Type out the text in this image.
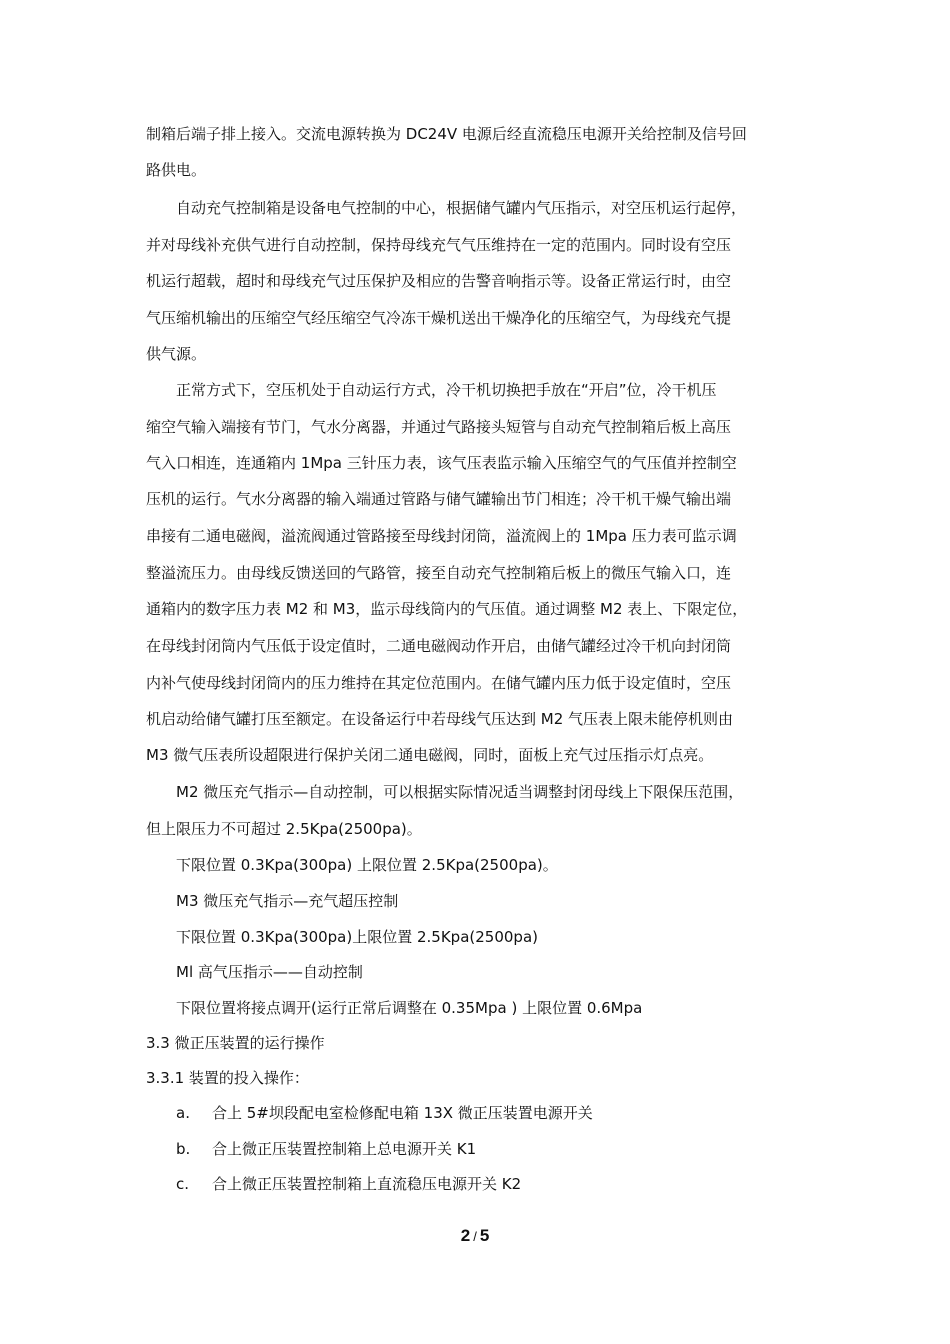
制箱后端子排上接入。交流电源转换为 DC24V 电源后经直流稳压电源开关给控制及信号回
路供电。
自动充气控制箱是设备电气控制的中心，根据储气罐内气压指示，对空压机运行起停，
并对母线补充供气进行自动控制，保持母线充气气压维持在一定的范围内。同时设有空压
机运行超载，超时和母线充气过压保护及相应的告警音响指示等。设备正常运行时，由空
气压缩机输出的压缩空气经压缩空气冷冻干燥机送出干燥净化的压缩空气，为母线充气提
供气源。
正常方式下，空压机处于自动运行方式，冷干机切换把手放在“开启”位，冷干机压
缩空气输入端接有节门，气水分离器，并通过气路接头短管与自动充气控制箱后板上高压
气入口相连，连通箱内 1Mpa 三针压力表，该气压表监示输入压缩空气的气压值并控制空
压机的运行。气水分离器的输入端通过管路与储气罐输出节门相连；冷干机干燥气输出端
串接有二通电磁阀，溢流阀通过管路接至母线封闭筒，溢流阀上的 1Mpa 压力表可监示调
整溢流压力。由母线反馈送回的气路管，接至自动充气控制箱后板上的微压气输入口，连
通箱内的数字压力表 M2 和 M3，监示母线筒内的气压值。通过调整 M2 表上、下限定位，
在母线封闭筒内气压低于设定值时，二通电磁阀动作开启，由储气罐经过冷干机向封闭筒
内补气使母线封闭筒内的压力维持在其定位范围内。在储气罐内压力低于设定值时，空压
机启动给储气罐打压至额定。在设备运行中若母线气压达到 M2 气压表上限未能停机则由
M3 微气压表所设超限进行保护关闭二通电磁阀，同时，面板上充气过压指示灯点亮。
M2 微压充气指示—自动控制，可以根据实际情况适当调整封闭母线上下限保压范围，
但上限压力不可超过 2.5Kpa(2500pa)。
下限位置 0.3Kpa(300pa) 上限位置 2.5Kpa(2500pa)。
M3 微压充气指示—充气超压控制
下限位置 0.3Kpa(300pa)上限位置 2.5Kpa(2500pa)
Ml 高气压指示——自动控制
下限位置将接点调开(运行正常后调整在 0.35Mpa ) 上限位置 0.6Mpa
3.3 微正压装置的运行操作
3.3.1 装置的投入操作：
a. 合上 5#坝段配电室检修配电箱 13X 微正压装置电源开关
b. 合上微正压装置控制箱上总电源开关 K1
c. 合上微正压装置控制箱上直流稳压电源开关 K2
2 / 5
